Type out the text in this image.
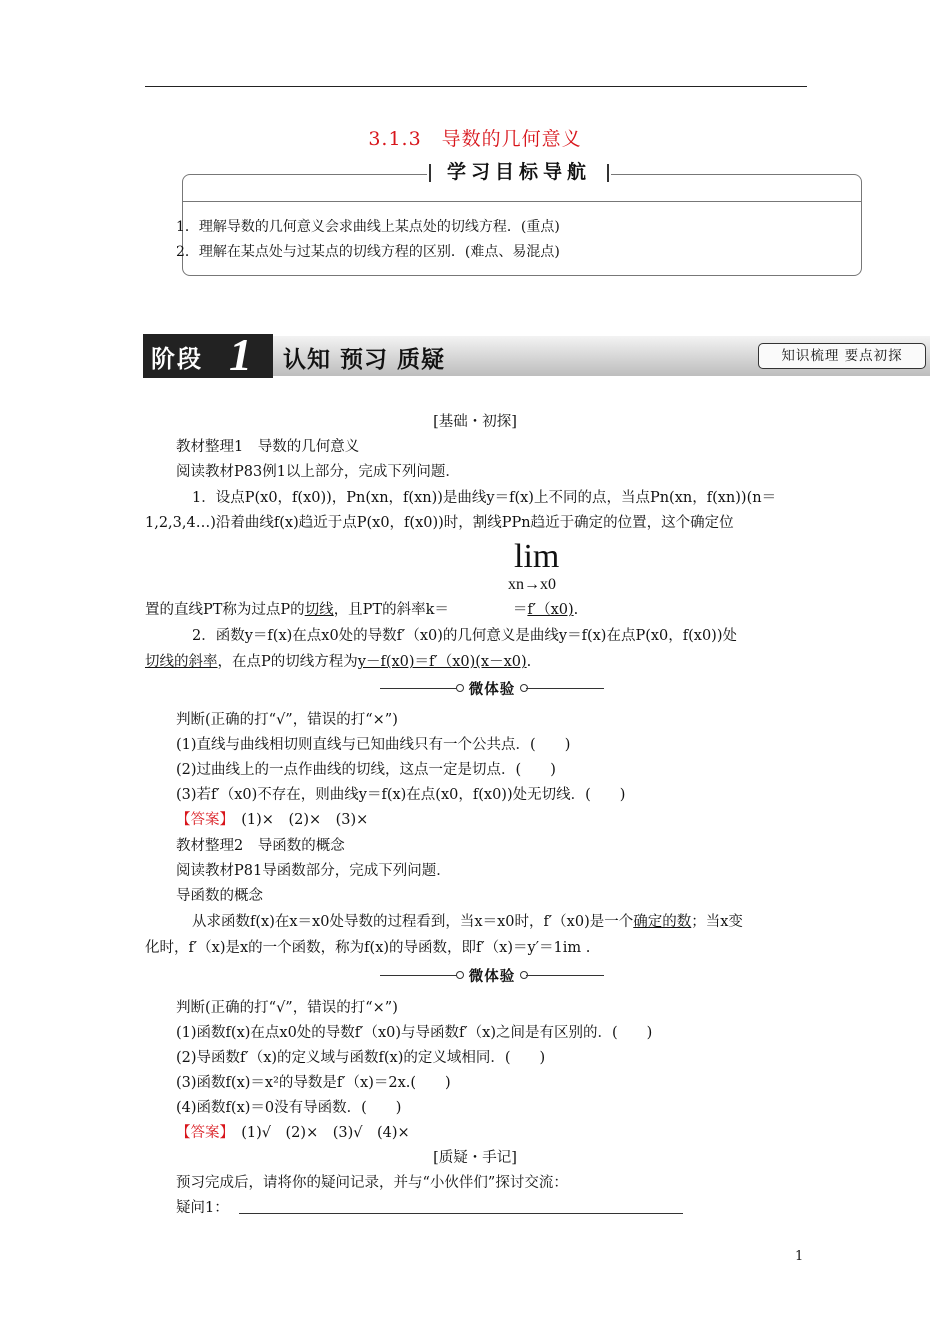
3.1.3　导数的几何意义
学习目标导航
1．理解导数的几何意义会求曲线上某点处的切线方程．(重点)
2．理解在某点处与过某点的切线方程的区别．(难点、易混点)
阶段 1 认知 预习 质疑	知识梳理 要点初探
[基础・初探]
教材整理1　导数的几何意义
阅读教材P83例1以上部分，完成下列问题．
1．设点P(x0，f(x0))，Pn(xn，f(xn))是曲线y＝f(x)上不同的点，当点Pn(xn，f(xn))(n＝
1,2,3,4…)沿着曲线f(x)趋近于点P(x0，f(x0))时，割线PPn趋近于确定的位置，这个确定位
lim
xn→x0
置的直线PT称为过点P的切线，且PT的斜率k＝	＝f′（x0).
2．函数y＝f(x)在点x0处的导数f′（x0)的几何意义是曲线y＝f(x)在点P(x0，f(x0))处
切线的斜率，在点P的切线方程为y－f(x0)＝f′（x0)(x－x0).
微体验
判断(正确的打“√”，错误的打“×”)
(1)直线与曲线相切则直线与已知曲线只有一个公共点．(　　)
(2)过曲线上的一点作曲线的切线，这点一定是切点．(　　)
(3)若f′（x0)不存在，则曲线y＝f(x)在点(x0，f(x0))处无切线．(　　)
【答案】　 (1)×　(2)×　(3)×
教材整理2　导函数的概念
阅读教材P81导函数部分，完成下列问题．
导函数的概念
从求函数f(x)在x＝x0处导数的过程看到，当x＝x0时，f′（x0)是一个确定的数；当x变
化时，f′（x)是x的一个函数，称为f(x)的导函数，即f′（x)＝y′＝1im .
微体验
判断(正确的打“√”，错误的打“×”)
(1)函数f(x)在点x0处的导数f′（x0)与导函数f′（x)之间是有区别的．(　　)
(2)导函数f′（x)的定义域与函数f(x)的定义域相同．(　　)
(3)函数f(x)＝x²的导数是f′（x)＝2x.(　　)
(4)函数f(x)＝0没有导函数．(　　)
【答案】　 (1)√　(2)×　(3)√　(4)×
[质疑・手记]
预习完成后，请将你的疑问记录，并与“小伙伴们”探讨交流：
疑问1：
1
